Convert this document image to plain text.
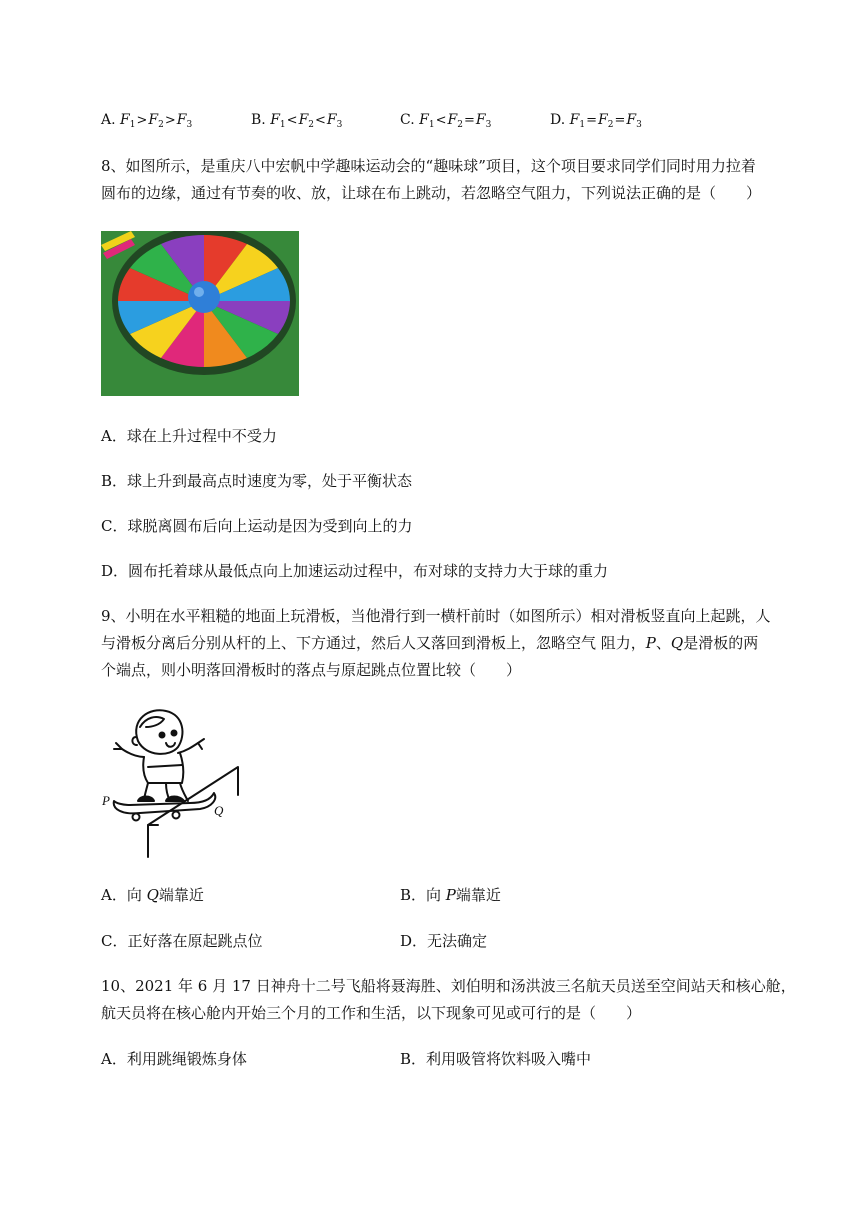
A. $F_1>F_2>F_3$	B. $F_1<F_2<F_3$	C. $F_1<F_2=F_3$	D. $F_1=F_2=F_3$
8、如图所示，是重庆八中宏帆中学趣味运动会的“趣味球”项目，这个项目要求同学们同时用力拉着
圆布的边缘，通过有节奏的收、放，让球在布上跳动，若忽略空气阻力，下列说法正确的是（　　）
A．球在上升过程中不受力
B．球上升到最高点时速度为零，处于平衡状态
C．球脱离圆布后向上运动是因为受到向上的力
D．圆布托着球从最低点向上加速运动过程中，布对球的支持力大于球的重力
9、小明在水平粗糙的地面上玩滑板，当他滑行到一横杆前时（如图所示）相对滑板竖直向上起跳，人
与滑板分离后分别从杆的上、下方通过，然后人又落回到滑板上，忽略空气 阻力，P、Q是滑板的两
个端点，则小明落回滑板时的落点与原起跳点位置比较（　　）
P
Q
A．向 Q端靠近	B．向 P端靠近
C．正好落在原起跳点位	D．无法确定
10、2021 年 6 月 17 日神舟十二号飞船将聂海胜、刘伯明和汤洪波三名航天员送至空间站天和核心舱，
航天员将在核心舱内开始三个月的工作和生活，以下现象可见或可行的是（　　）
A．利用跳绳锻炼身体	B．利用吸管将饮料吸入嘴中
